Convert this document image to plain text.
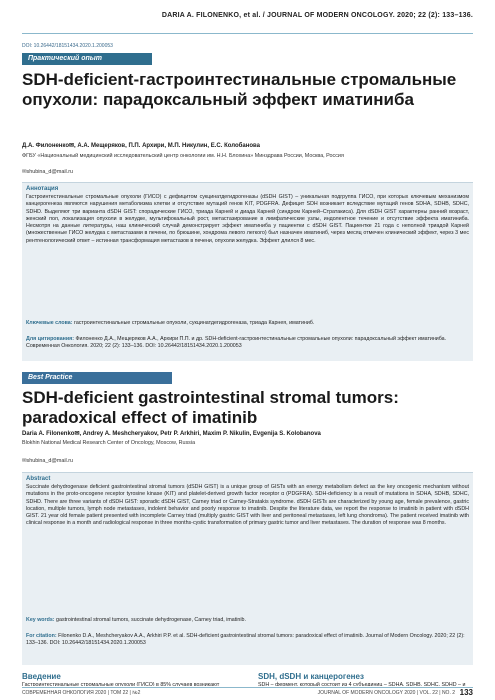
DARIA A. FILONENKO, et al. / JOURNAL OF MODERN ONCOLOGY. 2020; 22 (2): 133–136.
DOI: 10.26442/18151434.2020.1.200053
Практический опыт
SDH-deficient-гастроинтестинальные стромальные опухоли: парадоксальный эффект иматиниба
Д.А. Филоненко✉, А.А. Мещеряков, П.П. Архири, М.П. Никулин, Е.С. Колобанова
ФГБУ «Национальный медицинский исследовательский центр онкологии им. Н.Н. Блохина» Минздрава России, Москва, Россия
✉shubina_d@mail.ru
Аннотация
Гастроинтестинальные стромальные опухоли (ГИСО) с дефицитом сукцинатдегидрогеназы (dSDH GIST) – уникальная подгруппа ГИСО, при которых ключевым механизмом канцерогенеза являются нарушения метаболизма клетки и отсутствие мутаций генов KIT, PDGFRA. Дефицит SDH возникает вследствие мутаций генов SDHA, SDHB, SDHC, SDHD. Выделяют три варианта dSDH GIST: спорадические ГИСО, триада Карней и диада Карней (синдром Карней–Стратакиса). Для dSDH GIST характерны ранний возраст, женский пол, локализация опухоли в желудке, мультифокальный рост, метастазирование в лимфатические узлы, индолентное течение и отсутствие эффекта иматиниба. Несмотря на данные литературы, наш клинический случай демонстрирует эффект иматиниба у пациентки с dSDH GIST. Пациентке 21 года с неполной триадой Карней (множественные ГИСО желудка с метастазами в печени, по брюшине, хондрома левого легкого) был назначен иматиниб, через месяц отмечен клинический эффект, через 3 мес рентгенологический ответ – истинная трансформация метастазов в печени, опухоли желудка. Эффект длился 8 мес.
Ключевые слова: гастроинтестинальные стромальные опухоли, сукцинатдегидрогеназа, триада Карнея, иматиниб.
Для цитирования: Филоненко Д.А., Мещеряков А.А., Архири П.П. и др. SDH-deficient-гастроинтестинальные стромальные опухоли: парадоксальный эффект иматиниба. Современная Онкология. 2020; 22 (2): 133–136. DOI: 10.26442/18151434.2020.1.200053
Best Practice
SDH-deficient gastrointestinal stromal tumors: paradoxical effect of imatinib
Daria A. Filonenko✉, Andrey A. Meshcheryakov, Petr P. Arkhiri, Maxim P. Nikulin, Evgenija S. Kolobanova
Blokhin National Medical Research Center of Oncology, Moscow, Russia
✉shubina_d@mail.ru
Abstract
Succinate dehydrogenase deficient gastrointestinal stromal tumors (dSDH GIST) is a unique group of GISTs with an energy metabolism defect as the key oncogenic mechanism without mutations in the proto-oncogene receptor tyrosine kinase (KIT) and platelet-derived growth factor receptor α (PDGFRA). SDH-deficiency is a result of mutations in SDHA, SDHB, SDHC, SDHD. There are three variants of dSDH GIST: sporadic dSDH GIST, Carney triad or Carney-Stratakis syndrome. dSDH GISTs are characterized by young age, female prevalence, gastric location, multiple tumors, lymph node metastases, indolent behavior and poorly response to imatinib. Despite the literature data, we report the response to imatinib in patient with dSDH GIST. 21 year old female patient presented with incomplete Carney triad (multiply gastric GIST with liver and peritoneal metastases, left lung chondroma). The patient received imatinib with clinical response in a month and radiological response in three months-cystic transformation of primary gastric tumor and liver metastases. The duration of response was 8 months.
Key words: gastrointestinal stromal tumors, succinate dehydrogenase, Carney triad, imatinib.
For citation: Filonenko D.A., Meshcheryakov A.A., Arkhiri P.P. et al. SDH-deficient gastrointestinal stromal tumors: paradoxical effect of imatinib. Journal of Modern Oncology. 2020; 22 (2): 133–136. DOI: 10.26442/18151434.2020.1.200053
Введение
Гастроинтестинальные стромальные опухоли (ГИСО) в 85% случаев возникают
SDH, dSDH и канцерогенез
SDH – фермент, который состоит из 4 субъединиц – SDHA, SDHB, SDHC, SDHD – и
СОВРЕМЕННАЯ ОНКОЛОГИЯ 2020 | ТОМ 22 | №2	JOURNAL OF MODERN ONCOLOGY 2020 | VOL. 22 | NO. 2 133
